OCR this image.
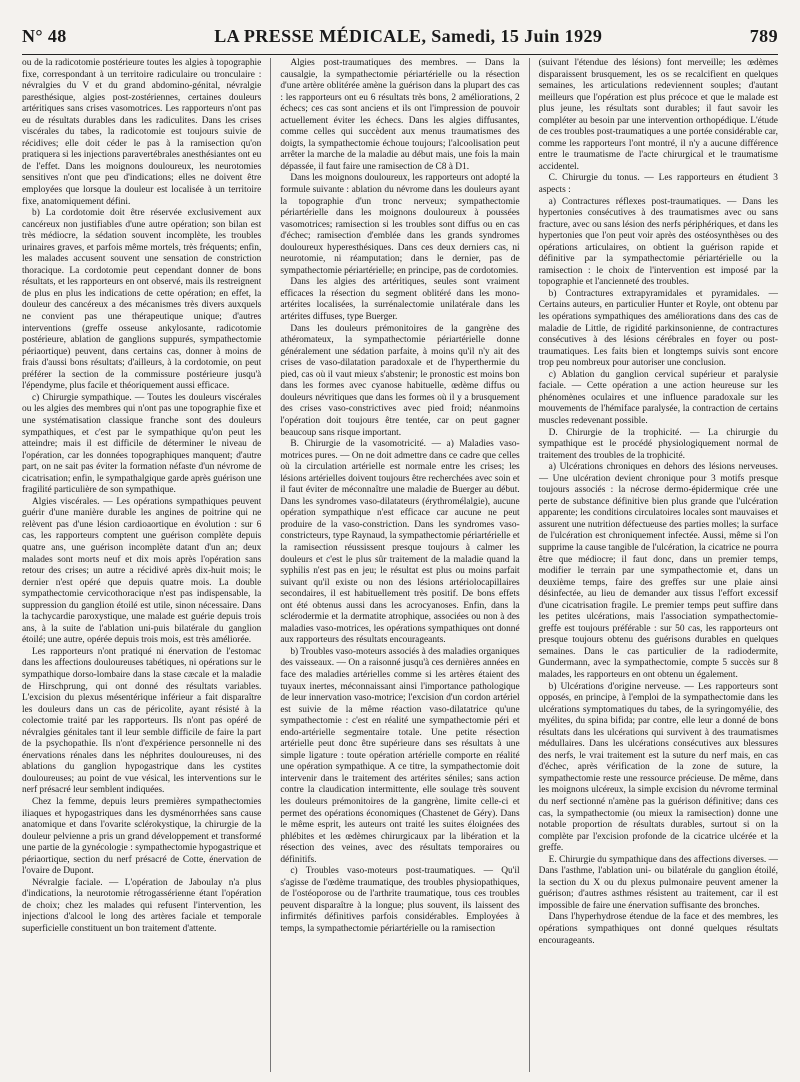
N° 48	LA PRESSE MÉDICALE, Samedi, 15 Juin 1929	789

ou de la radicotomie postérieure toutes les algies à topographie fixe, correspondant à un territoire radiculaire ou tronculaire : névralgies du V et du grand abdomino-génital, névralgie paresthésique, algies post-zostériennes, certaines douleurs artéritiques sans crises vasomotrices. Les rapporteurs n'ont pas eu de résultats durables dans les radiculites. Dans les crises viscérales du tabes, la radicotomie est toujours suivie de récidives; elle doit céder le pas à la ramisection qu'on pratiquera si les injections paravertébrales anesthésiantes ont eu de l'effet. Dans les moignons douloureux, les neurotomies sensitives n'ont que peu d'indications; elles ne doivent être employées que lorsque la douleur est localisée à un territoire fixe, anatomiquement défini.

b) La cordotomie doit être réservée exclusivement aux cancéreux non justifiables d'une autre opération; son bilan est très médiocre, la sédation souvent incomplète, les troubles urinaires graves, et parfois même mortels, très fréquents; enfin, les malades accusent souvent une sensation de constriction thoracique. La cordotomie peut cependant donner de bons résultats, et les rapporteurs en ont observé, mais ils restreignent de plus en plus les indications de cette opération; en effet, la douleur des cancéreux a des mécanismes très divers auxquels ne convient pas une thérapeutique unique; d'autres interventions (greffe osseuse ankylosante, radicotomie postérieure, ablation de ganglions suppurés, sympathectomie périaortique) peuvent, dans certains cas, donner à moins de frais d'aussi bons résultats; d'ailleurs, à la cordotomie, on peut préférer la section de la commissure postérieure jusqu'à l'épendyme, plus facile et théoriquement aussi efficace.

c) Chirurgie sympathique. — Toutes les douleurs viscérales ou les algies des membres qui n'ont pas une topographie fixe et une systématisation classique franche sont des douleurs sympathiques, et c'est par le sympathique qu'on peut les atteindre; mais il est difficile de déterminer le niveau de l'opération, car les données topographiques manquent; d'autre part, on ne sait pas éviter la formation néfaste d'un névrome de cicatrisation; enfin, le sympathalgique garde après guérison une fragilité particulière de son sympathique.

Algies viscérales. — Les opérations sympathiques peuvent guérir d'une manière durable les angines de poitrine qui ne relèvent pas d'une lésion cardioaortique en évolution : sur 6 cas, les rapporteurs comptent une guérison complète depuis quatre ans, une guérison incomplète datant d'un an; deux malades sont morts neuf et dix mois après l'opération sans retour des crises; un autre a récidivé après dix-huit mois; le dernier n'est opéré que depuis quatre mois. La double sympathectomie cervicothoracique n'est pas indispensable, la suppression du ganglion étoilé est utile, sinon nécessaire. Dans la tachycardie paroxystique, une malade est guérie depuis trois ans, à la suite de l'ablation uni-puis bilatérale du ganglion étoilé; une autre, opérée depuis trois mois, est très améliorée.

Les rapporteurs n'ont pratiqué ni énervation de l'estomac dans les affections douloureuses tabétiques, ni opérations sur le sympathique dorso-lombaire dans la stase cæcale et la maladie de Hirschprung, qui ont donné des résultats variables. L'excision du plexus mésentérique inférieur a fait disparaître les douleurs dans un cas de péricolite, ayant résisté à la colectomie traité par les rapporteurs. Ils n'ont pas opéré de névralgies génitales tant il leur semble difficile de faire la part de la psychopathie. Ils n'ont d'expérience personnelle ni des énervations rénales dans les néphrites douloureuses, ni des ablations du ganglion hypogastrique dans les cystites douloureuses; au point de vue vésical, les interventions sur le nerf présacré leur semblent indiquées.

Chez la femme, depuis leurs premières sympathectomies iliaques et hypogastriques dans les dysménorrhées sans cause anatomique et dans l'ovarite sclérokystique, la chirurgie de la douleur pelvienne a pris un grand développement et transformé une partie de la gynécologie : sympathectomie hypogastrique et périaortique, section du nerf présacré de Cotte, énervation de l'ovaire de Dupont.

Névralgie faciale. — L'opération de Jaboulay n'a plus d'indications, la neurotomie rétrogassérienne étant l'opération de choix; chez les malades qui refusent l'intervention, les injections d'alcool le long des artères faciale et temporale superficielle constituent un bon traitement d'attente.

Algies post-traumatiques des membres. — Dans la causalgie, la sympathectomie périartérielle ou la résection d'une artère oblitérée amène la guérison dans la plupart des cas : les rapporteurs ont eu 6 résultats très bons, 2 améliorations, 2 échecs; ces cas sont anciens et ils ont l'impression de pouvoir actuellement éviter les échecs. Dans les algies diffusantes, comme celles qui succèdent aux menus traumatismes des doigts, la sympathectomie échoue toujours; l'alcoolisation peut arrêter la marche de la maladie au début mais, une fois la main dépassée, il faut faire une ramisection de C8 à D1.

Dans les moignons douloureux, les rapporteurs ont adopté la formule suivante : ablation du névrome dans les douleurs ayant la topographie d'un tronc nerveux; sympathectomie périartérielle dans les moignons douloureux à poussées vasomotrices; ramisection si les troubles sont diffus ou en cas d'échec; ramisection d'emblée dans les grands syndromes douloureux hyperesthésiques. Dans ces deux derniers cas, ni neurotomie, ni réamputation; dans le dernier, pas de sympathectomie périartérielle; en principe, pas de cordotomies.

Dans les algies des artéritiques, seules sont vraiment efficaces la résection du segment oblitéré dans les mono-artérites localisées, la surrénalectomie unilatérale dans les artérites diffuses, type Buerger.

Dans les douleurs prémonitoires de la gangrène des athéromateux, la sympathectomie périartérielle donne généralement une sédation parfaite, à moins qu'il n'y ait des crises de vaso-dilatation paradoxale et de l'hyperthermie du pied, cas où il vaut mieux s'abstenir; le pronostic est moins bon dans les formes avec cyanose habituelle, œdème diffus ou douleurs névritiques que dans les formes où il y a brusquement des crises vaso-constrictives avec pied froid; néanmoins l'opération doit toujours être tentée, car on peut gagner beaucoup sans risque important.

B. Chirurgie de la vasomotricité. — a) Maladies vaso-motrices pures. — On ne doit admettre dans ce cadre que celles où la circulation artérielle est normale entre les crises; les lésions artérielles doivent toujours être recherchées avec soin et il faut éviter de méconnaître une maladie de Buerger au début. Dans les syndromes vaso-dilatateurs (érythromélalgie), aucune opération sympathique n'est efficace car aucune ne peut produire de la vaso-constriction. Dans les syndromes vaso-constricteurs, type Raynaud, la sympathectomie périartérielle et la ramisection réussissent presque toujours à calmer les douleurs et c'est le plus sûr traitement de la maladie quand la syphilis n'est pas en jeu; le résultat est plus ou moins parfait suivant qu'il existe ou non des lésions artériolocapillaires secondaires, il est habituellement très positif. De bons effets ont été obtenus aussi dans les acrocyanoses. Enfin, dans la sclérodermie et la dermatite atrophique, associées ou non à des maladies vaso-motrices, les opérations sympathiques ont donné aux rapporteurs des résultats encourageants.

b) Troubles vaso-moteurs associés à des maladies organiques des vaisseaux. — On a raisonné jusqu'à ces dernières années en face des maladies artérielles comme si les artères étaient des tuyaux inertes, méconnaissant ainsi l'importance pathologique de leur innervation vaso-motrice; l'excision d'un cordon artériel est suivie de la même réaction vaso-dilatatrice qu'une sympathectomie : c'est en réalité une sympathectomie péri et endo-artérielle segmentaire totale. Une petite résection artérielle peut donc être supérieure dans ses résultats à une simple ligature : toute opération artérielle comporte en réalité une opération sympathique. A ce titre, la sympathectomie doit intervenir dans le traitement des artérites séniles; sans action contre la claudication intermittente, elle soulage très souvent les douleurs prémonitoires de la gangrène, limite celle-ci et permet des opérations économiques (Chastenet de Géry). Dans le même esprit, les auteurs ont traité les suites éloignées des phlébites et les œdèmes chirurgicaux par la libération et la résection des veines, avec des résultats temporaires ou définitifs.

c) Troubles vaso-moteurs post-traumatiques. — Qu'il s'agisse de l'œdème traumatique, des troubles physiopathiques, de l'ostéoporose ou de l'arthrite traumatique, tous ces troubles peuvent disparaître à la longue; plus souvent, ils laissent des infirmités définitives parfois considérables. Employées à temps, la sympathectomie périartérielle ou la ramisection

(suivant l'étendue des lésions) font merveille; les œdèmes disparaissent brusquement, les os se recalcifient en quelques semaines, les articulations redeviennent souples; d'autant meilleurs que l'opération est plus précoce et que le malade est plus jeune, les résultats sont durables; il faut savoir les compléter au besoin par une intervention orthopédique. L'étude de ces troubles post-traumatiques a une portée considérable car, comme les rapporteurs l'ont montré, il n'y a aucune différence entre le traumatisme de l'acte chirurgical et le traumatisme accidentel.

C. Chirurgie du tonus. — Les rapporteurs en étudient 3 aspects :

a) Contractures réflexes post-traumatiques. — Dans les hypertonies consécutives à des traumatismes avec ou sans fracture, avec ou sans lésion des nerfs périphériques, et dans les hypertonies que l'on peut voir après des ostéosynthèses ou des opérations articulaires, on obtient la guérison rapide et définitive par la sympathectomie périartérielle ou la ramisection : le choix de l'intervention est imposé par la topographie et l'ancienneté des troubles.

b) Contractures extrapyramidales et pyramidales. — Certains auteurs, en particulier Hunter et Royle, ont obtenu par les opérations sympathiques des améliorations dans des cas de maladie de Little, de rigidité parkinsonienne, de contractures consécutives à des lésions cérébrales en foyer ou post-traumatiques. Les faits bien et longtemps suivis sont encore trop peu nombreux pour autoriser une conclusion.

c) Ablation du ganglion cervical supérieur et paralysie faciale. — Cette opération a une action heureuse sur les phénomènes oculaires et une influence paradoxale sur les mouvements de l'hémiface paralysée, la contraction de certains muscles redevenant possible.

D. Chirurgie de la trophicité. — La chirurgie du sympathique est le procédé physiologiquement normal de traitement des troubles de la trophicité.

a) Ulcérations chroniques en dehors des lésions nerveuses. — Une ulcération devient chronique pour 3 motifs presque toujours associés : la nécrose dermo-épidermique crée une perte de substance définitive bien plus grande que l'ulcération apparente; les conditions circulatoires locales sont mauvaises et assurent une nutrition défectueuse des parties molles; la surface de l'ulcération est chroniquement infectée. Aussi, même si l'on supprime la cause tangible de l'ulcération, la cicatrice ne pourra être que médiocre; il faut donc, dans un premier temps, modifier le terrain par une sympathectomie et, dans un deuxième temps, faire des greffes sur une plaie ainsi désinfectée, au lieu de demander aux tissus l'effort excessif d'une cicatrisation fragile. Le premier temps peut suffire dans les petites ulcérations, mais l'association sympathectomie-greffe est toujours préférable : sur 50 cas, les rapporteurs ont presque toujours obtenu des guérisons durables en quelques semaines. Dans le cas particulier de la radiodermite, Gundermann, avec la sympathectomie, compte 5 succès sur 8 malades, les rapporteurs en ont obtenu un également.

b) Ulcérations d'origine nerveuse. — Les rapporteurs sont opposés, en principe, à l'emploi de la sympathectomie dans les ulcérations symptomatiques du tabes, de la syringomyélie, des myélites, du spina bifida; par contre, elle leur a donné de bons résultats dans les ulcérations qui survivent à des traumatismes médullaires. Dans les ulcérations consécutives aux blessures des nerfs, le vrai traitement est la suture du nerf mais, en cas d'échec, après vérification de la zone de suture, la sympathectomie reste une ressource précieuse. De même, dans les moignons ulcéreux, la simple excision du névrome terminal du nerf sectionné n'amène pas la guérison définitive; dans ces cas, la sympathectomie (ou mieux la ramisection) donne une notable proportion de résultats durables, surtout si on la complète par l'excision profonde de la cicatrice ulcérée et la greffe.

E. Chirurgie du sympathique dans des affections diverses. — Dans l'asthme, l'ablation uni- ou bilatérale du ganglion étoilé, la section du X ou du plexus pulmonaire peuvent amener la guérison; d'autres asthmes résistent au traitement, car il est impossible de faire une énervation suffisante des bronches.

Dans l'hyperhydrose étendue de la face et des membres, les opérations sympathiques ont donné quelques résultats encourageants.
